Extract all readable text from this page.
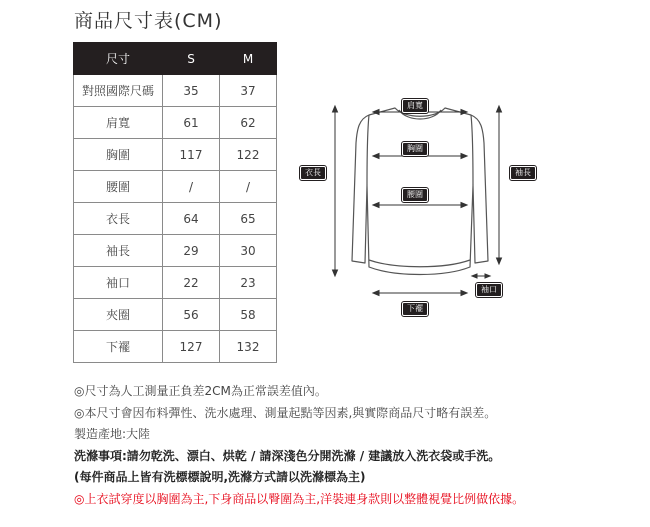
商品尺寸表(CM)
尺寸	S	M
對照國際尺碼	35	37
肩寬	61	62
胸圍	117	122
腰圍	/	/
衣長	64	65
袖長	29	30
袖口	22	23
夾圈	56	58
下襬	127	132
肩寬
胸圍
腰圍
衣長	袖長
袖口
下襬
◎尺寸為人工測量正負差2CM為正常誤差值內。
◎本尺寸會因布料彈性、洗水處理、測量起點等因素,與實際商品尺寸略有誤差。
製造產地:大陸
洗滌事項:請勿乾洗、漂白、烘乾 / 請深淺色分開洗滌 / 建議放入洗衣袋或手洗。
(每件商品上皆有洗標標說明,洗滌方式請以洗滌標為主)
◎上衣試穿度以胸圍為主,下身商品以臀圍為主,洋裝連身款則以整體視覺比例做依據。
